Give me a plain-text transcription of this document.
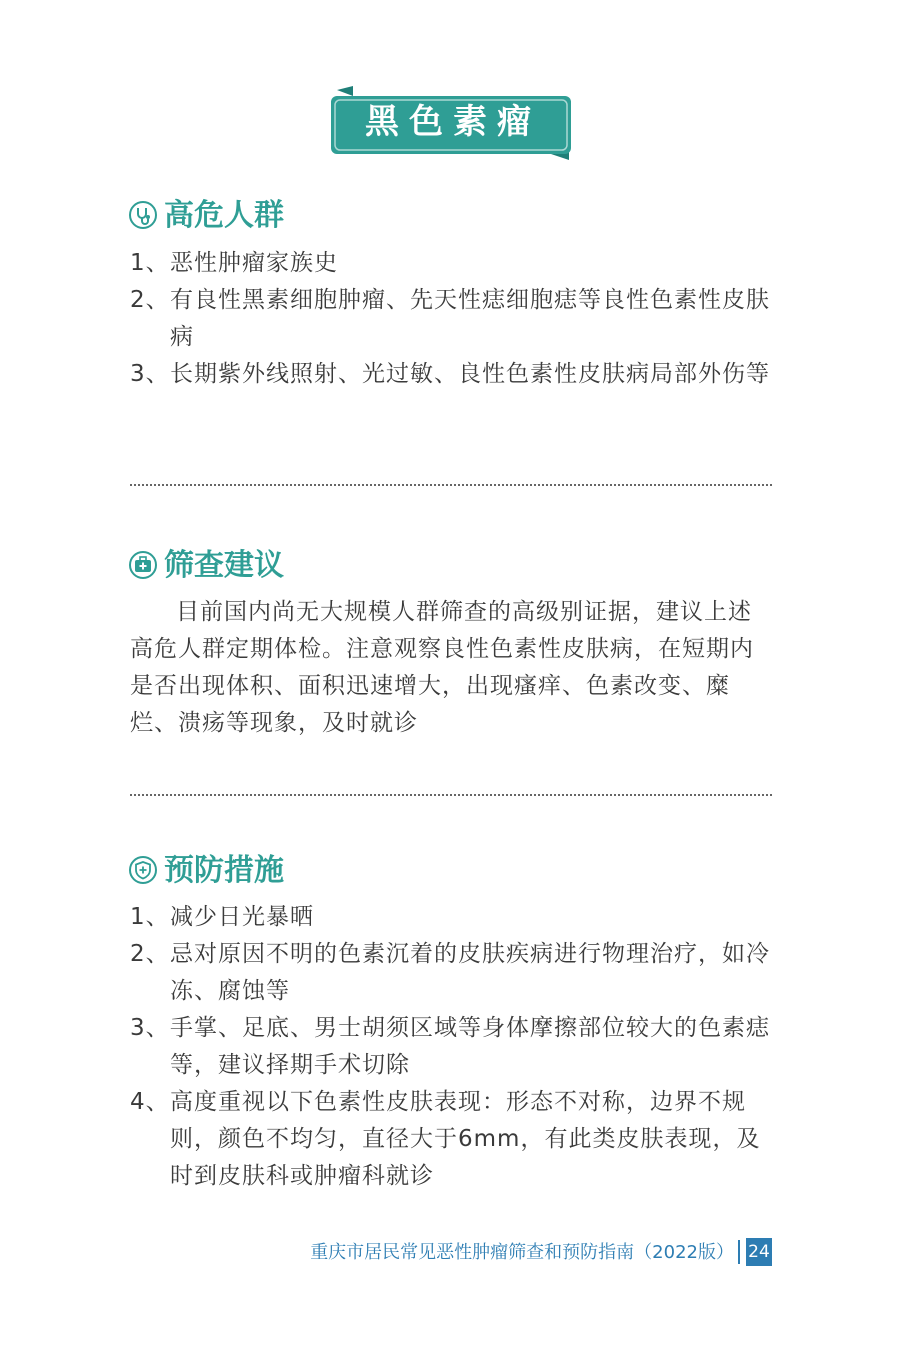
黑色素瘤
高危人群
1、 恶性肿瘤家族史
2、 有良性黑素细胞肿瘤、先天性痣细胞痣等良性色素性皮肤病
3、 长期紫外线照射、光过敏、良性色素性皮肤病局部外伤等
筛查建议

目前国内尚无大规模人群筛查的高级别证据，建议上述高危人群定期体检。注意观察良性色素性皮肤病，在短期内是否出现体积、面积迅速增大，出现瘙痒、色素改变、糜烂、溃疡等现象，及时就诊

预防措施
1、 减少日光暴晒
2、 忌对原因不明的色素沉着的皮肤疾病进行物理治疗，如冷冻、腐蚀等
3、 手掌、足底、男士胡须区域等身体摩擦部位较大的色素痣等，建议择期手术切除
4、 高度重视以下色素性皮肤表现：形态不对称，边界不规则，颜色不均匀，直径大于6mm，有此类皮肤表现，及时到皮肤科或肿瘤科就诊
重庆市居民常见恶性肿瘤筛查和预防指南（2022版） 24
